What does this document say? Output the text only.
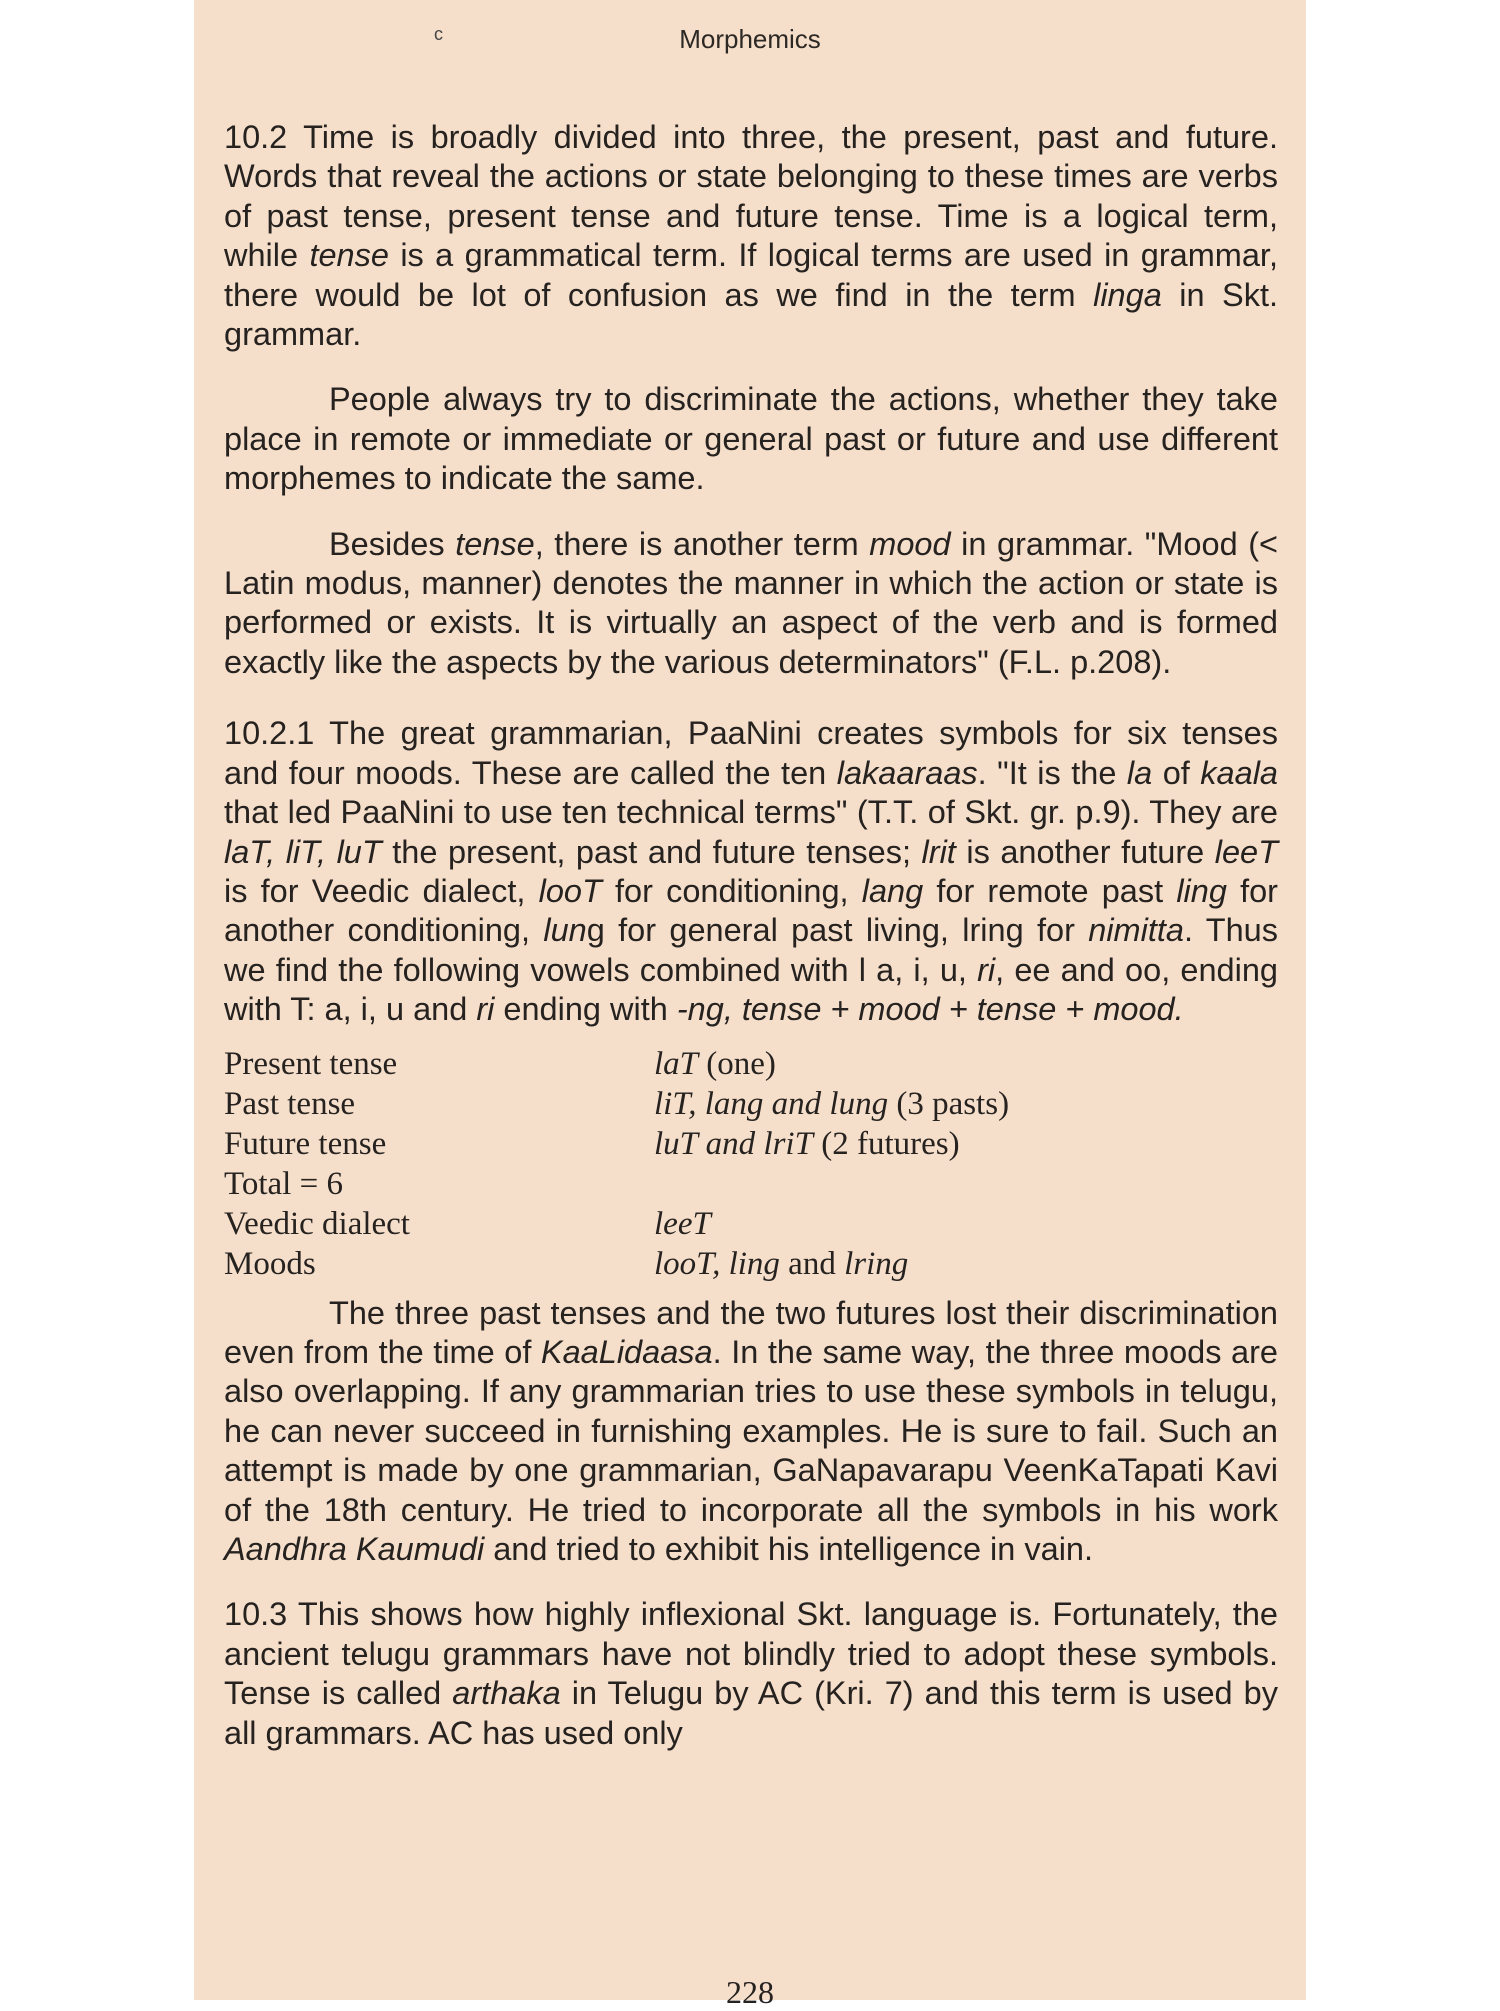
c	Morphemics

10.2 Time is broadly divided into three, the present, past and future. Words that reveal the actions or state belonging to these times are verbs of past tense, present tense and future tense. Time is a logical term, while tense is a grammatical term. If logical terms are used in grammar, there would be lot of confusion as we find in the term linga in Skt. grammar.

People always try to discriminate the actions, whether they take place in remote or immediate or general past or future and use different morphemes to indicate the same.

Besides tense, there is another term mood in grammar. "Mood (< Latin modus, manner) denotes the manner in which the action or state is performed or exists. It is virtually an aspect of the verb and is formed exactly like the aspects by the various determinators" (F.L. p.208).

10.2.1 The great grammarian, PaaNini creates symbols for six tenses and four moods. These are called the ten lakaaraas. "It is the la of kaala that led PaaNini to use ten technical terms" (T.T. of Skt. gr. p.9). They are laT, liT, luT the present, past and future tenses; lrit is another future leeT is for Veedic dialect, looT for conditioning, lang for remote past ling for another conditioning, lung for general past living, lring for nimitta. Thus we find the following vowels combined with l a, i, u, ri, ee and oo, ending with T: a, i, u and ri ending with -ng, tense + mood + tense + mood.

Present tense	laT (one)
Past tense	liT, lang and lung (3 pasts)
Future tense	luT and lriT (2 futures)
Total = 6
Veedic dialect	leeT
Moods	looT, ling and lring

The three past tenses and the two futures lost their discrimination even from the time of KaaLidaasa. In the same way, the three moods are also overlapping. If any grammarian tries to use these symbols in telugu, he can never succeed in furnishing examples. He is sure to fail. Such an attempt is made by one grammarian, GaNapavarapu VeenKaTapati Kavi of the 18th century. He tried to incorporate all the symbols in his work Aandhra Kaumudi and tried to exhibit his intelligence in vain.

10.3 This shows how highly inflexional Skt. language is. Fortunately, the ancient telugu grammars have not blindly tried to adopt these symbols. Tense is called arthaka in Telugu by AC (Kri. 7) and this term is used by all grammars. AC has used only

228
